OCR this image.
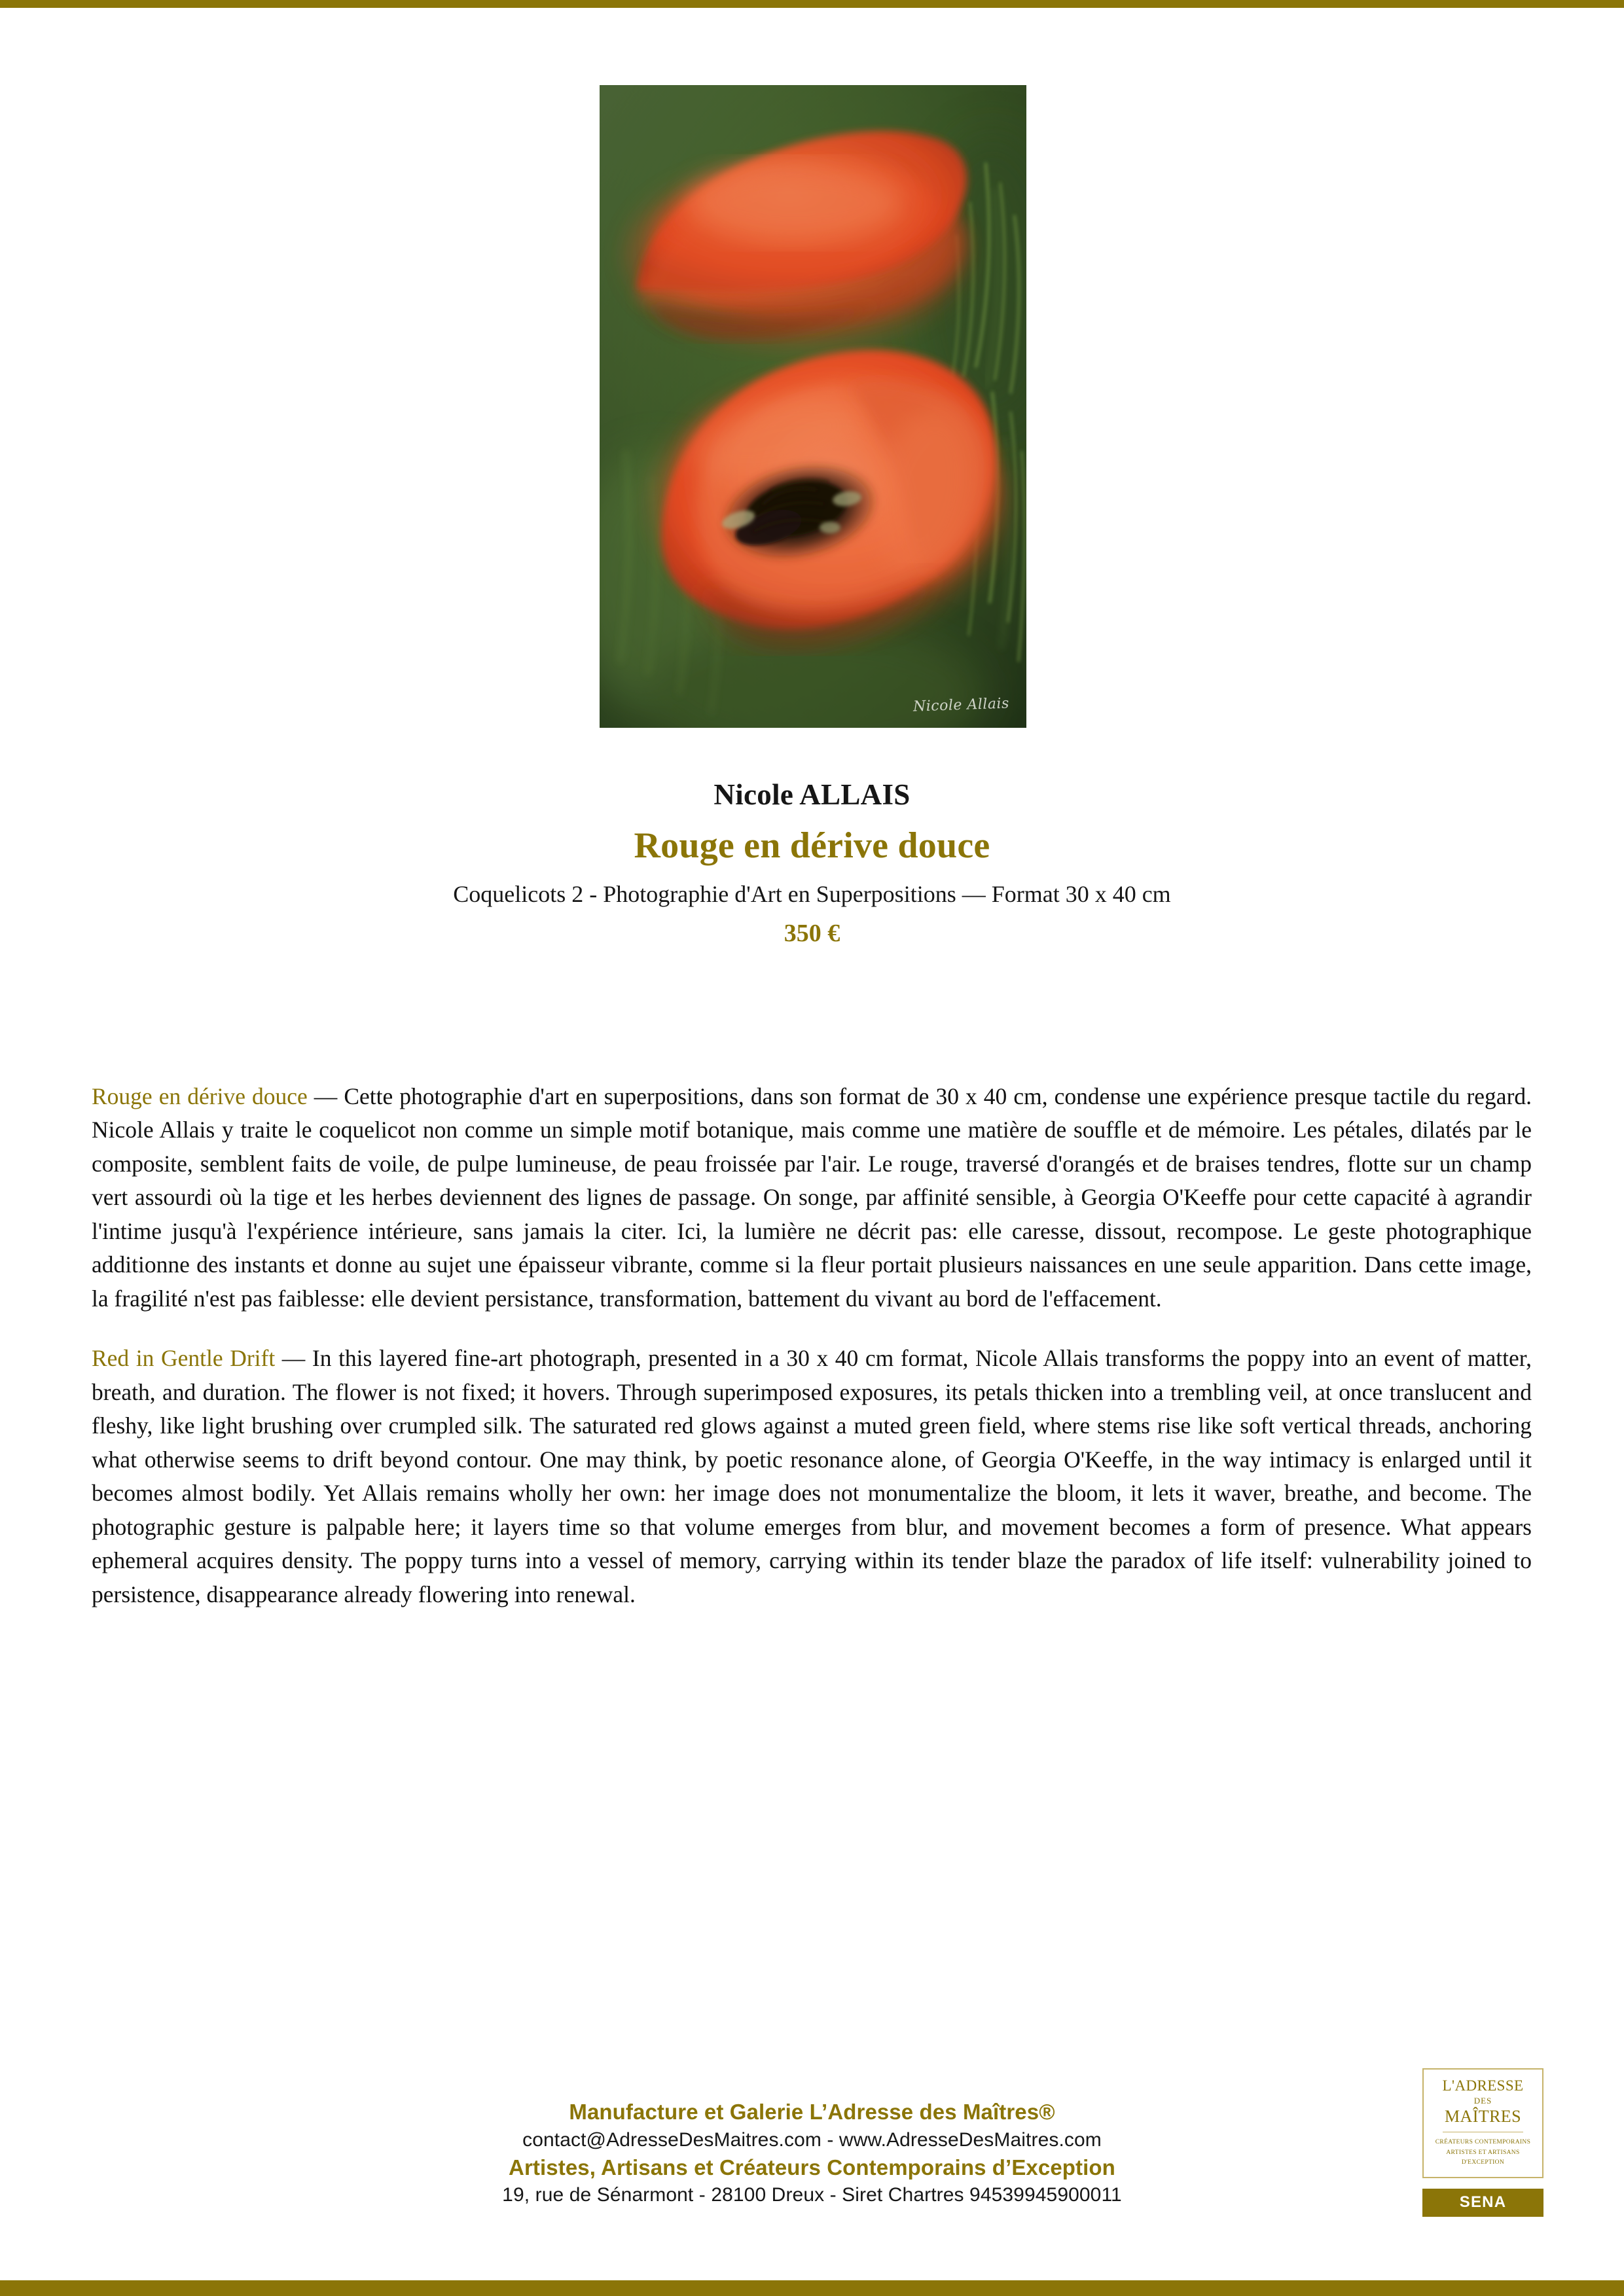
Nicole Allais
Nicole ALLAIS
Rouge en dérive douce
Coquelicots 2 - Photographie d'Art en Superpositions — Format 30 x 40 cm
350 €

Rouge en dérive douce — Cette photographie d'art en superpositions, dans son format de 30 x 40 cm, condense une expérience presque tactile du regard. Nicole Allais y traite le coquelicot non comme un simple motif botanique, mais comme une matière de souffle et de mémoire. Les pétales, dilatés par le composite, semblent faits de voile, de pulpe lumineuse, de peau froissée par l'air. Le rouge, traversé d'orangés et de braises tendres, flotte sur un champ vert assourdi où la tige et les herbes deviennent des lignes de passage. On songe, par affinité sensible, à Georgia O'Keeffe pour cette capacité à agrandir l'intime jusqu'à l'expérience intérieure, sans jamais la citer. Ici, la lumière ne décrit pas: elle caresse, dissout, recompose. Le geste photographique additionne des instants et donne au sujet une épaisseur vibrante, comme si la fleur portait plusieurs naissances en une seule apparition. Dans cette image, la fragilité n'est pas faiblesse: elle devient persistance, transformation, battement du vivant au bord de l'effacement.

Red in Gentle Drift — In this layered fine-art photograph, presented in a 30 x 40 cm format, Nicole Allais transforms the poppy into an event of matter, breath, and duration. The flower is not fixed; it hovers. Through superimposed exposures, its petals thicken into a trembling veil, at once translucent and fleshy, like light brushing over crumpled silk. The saturated red glows against a muted green field, where stems rise like soft vertical threads, anchoring what otherwise seems to drift beyond contour. One may think, by poetic resonance alone, of Georgia O'Keeffe, in the way intimacy is enlarged until it becomes almost bodily. Yet Allais remains wholly her own: her image does not monumentalize the bloom, it lets it waver, breathe, and become. The photographic gesture is palpable here; it layers time so that volume emerges from blur, and movement becomes a form of presence. What appears ephemeral acquires density. The poppy turns into a vessel of memory, carrying within its tender blaze the paradox of life itself: vulnerability joined to persistence, disappearance already flowering into renewal.

Manufacture et Galerie L’Adresse des Maîtres®
contact@AdresseDesMaitres.com - www.AdresseDesMaitres.com
Artistes, Artisans et Créateurs Contemporains d’Exception
19, rue de Sénarmont - 28100 Dreux - Siret Chartres 94539945900011
L'ADRESSE
DES
MAÎTRES
CRÉATEURS CONTEMPORAINS
ARTISTES ET ARTISANS
D'EXCEPTION
SENA
